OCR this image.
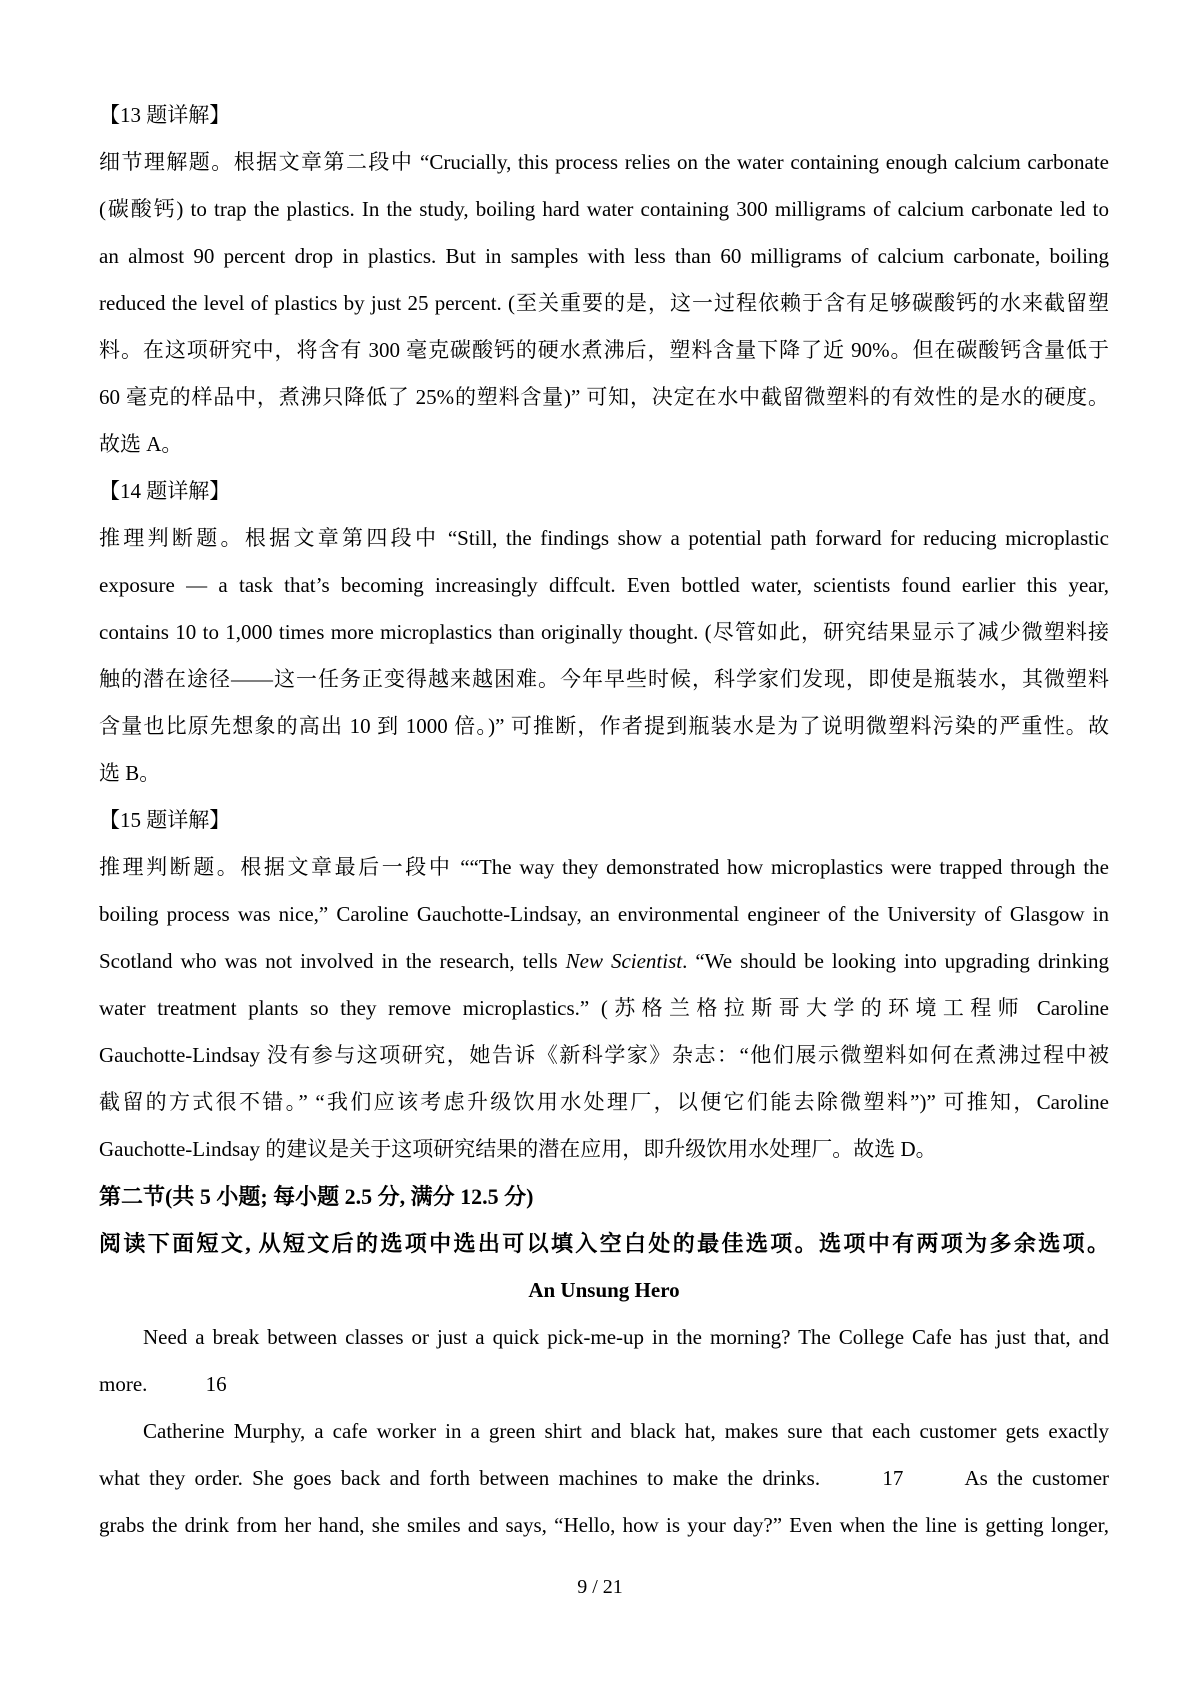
【13 题详解】
细节理解题。根据文章第二段中 “Crucially, this process relies on the water containing enough calcium carbonate
(碳酸钙) to trap the plastics. In the study, boiling hard water containing 300 milligrams of calcium carbonate led to
an almost 90 percent drop in plastics. But in samples with less than 60 milligrams of calcium carbonate, boiling
reduced the level of plastics by just 25 percent. (至关重要的是，这一过程依赖于含有足够碳酸钙的水来截留塑
料。在这项研究中，将含有 300 毫克碳酸钙的硬水煮沸后，塑料含量下降了近 90%。但在碳酸钙含量低于
60 毫克的样品中，煮沸只降低了 25%的塑料含量)” 可知，决定在水中截留微塑料的有效性的是水的硬度。
故选 A。
【14 题详解】
推理判断题。根据文章第四段中 “Still, the findings show a potential path forward for reducing microplastic
exposure — a task that’s becoming increasingly diffcult. Even bottled water, scientists found earlier this year,
contains 10 to 1,000 times more microplastics than originally thought. (尽管如此，研究结果显示了减少微塑料接
触的潜在途径——这一任务正变得越来越困难。今年早些时候，科学家们发现，即使是瓶装水，其微塑料
含量也比原先想象的高出 10 到 1000 倍。)” 可推断，作者提到瓶装水是为了说明微塑料污染的严重性。故
选 B。
【15 题详解】
推理判断题。根据文章最后一段中 ““The way they demonstrated how microplastics were trapped through the
boiling process was nice,” Caroline Gauchotte-Lindsay, an environmental engineer of the University of Glasgow in
Scotland who was not involved in the research, tells New Scientist. “We should be looking into upgrading drinking
water treatment plants so they remove microplastics.” (苏格兰格拉斯哥大学的环境工程师 Caroline
Gauchotte-Lindsay 没有参与这项研究，她告诉《新科学家》杂志：“他们展示微塑料如何在煮沸过程中被
截留的方式很不错。” “我们应该考虑升级饮用水处理厂，以便它们能去除微塑料”)” 可推知，Caroline
Gauchotte-Lindsay 的建议是关于这项研究结果的潜在应用，即升级饮用水处理厂。故选 D。
第二节(共 5 小题; 每小题 2.5 分, 满分 12.5 分)
阅读下面短文, 从短文后的选项中选出可以填入空白处的最佳选项。选项中有两项为多余选项。
An Unsung Hero
Need a break between classes or just a quick pick-me-up in the morning? The College Cafe has just that, and
more.	16
Catherine Murphy, a cafe worker in a green shirt and black hat, makes sure that each customer gets exactly
what they order. She goes back and forth between machines to make the drinks.	17	As the customer
grabs the drink from her hand, she smiles and says, “Hello, how is your day?” Even when the line is getting longer,
9 / 21
